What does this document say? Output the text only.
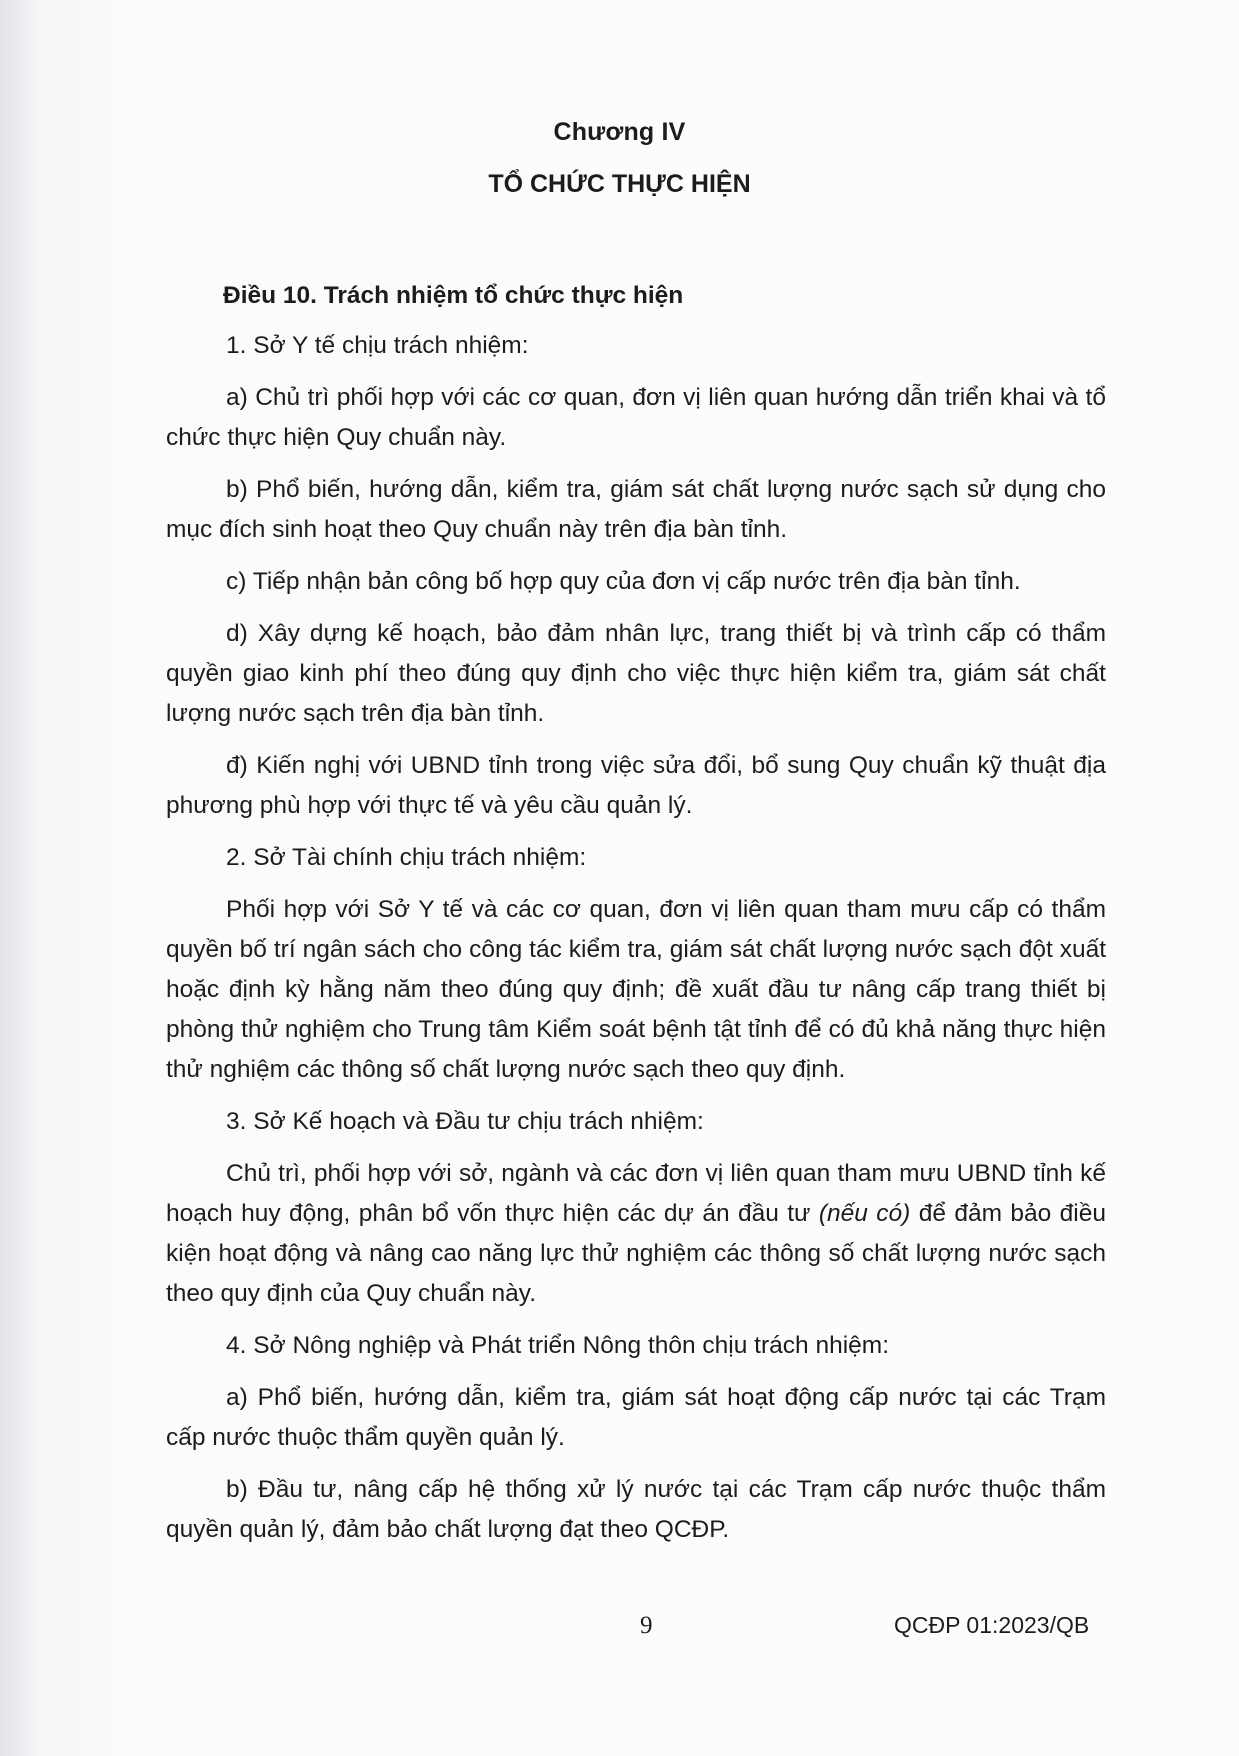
Chương IV
TỔ CHỨC THỰC HIỆN

Điều 10. Trách nhiệm tổ chức thực hiện

1. Sở Y tế chịu trách nhiệm:

a) Chủ trì phối hợp với các cơ quan, đơn vị liên quan hướng dẫn triển khai và tổ chức thực hiện Quy chuẩn này.

b) Phổ biến, hướng dẫn, kiểm tra, giám sát chất lượng nước sạch sử dụng cho mục đích sinh hoạt theo Quy chuẩn này trên địa bàn tỉnh.

c) Tiếp nhận bản công bố hợp quy của đơn vị cấp nước trên địa bàn tỉnh.

d) Xây dựng kế hoạch, bảo đảm nhân lực, trang thiết bị và trình cấp có thẩm quyền giao kinh phí theo đúng quy định cho việc thực hiện kiểm tra, giám sát chất lượng nước sạch trên địa bàn tỉnh.

đ) Kiến nghị với UBND tỉnh trong việc sửa đổi, bổ sung Quy chuẩn kỹ thuật địa phương phù hợp với thực tế và yêu cầu quản lý.

2. Sở Tài chính chịu trách nhiệm:

Phối hợp với Sở Y tế và các cơ quan, đơn vị liên quan tham mưu cấp có thẩm quyền bố trí ngân sách cho công tác kiểm tra, giám sát chất lượng nước sạch đột xuất hoặc định kỳ hằng năm theo đúng quy định; đề xuất đầu tư nâng cấp trang thiết bị phòng thử nghiệm cho Trung tâm Kiểm soát bệnh tật tỉnh để có đủ khả năng thực hiện thử nghiệm các thông số chất lượng nước sạch theo quy định.

3. Sở Kế hoạch và Đầu tư chịu trách nhiệm:

Chủ trì, phối hợp với sở, ngành và các đơn vị liên quan tham mưu UBND tỉnh kế hoạch huy động, phân bổ vốn thực hiện các dự án đầu tư (nếu có) để đảm bảo điều kiện hoạt động và nâng cao năng lực thử nghiệm các thông số chất lượng nước sạch theo quy định của Quy chuẩn này.

4. Sở Nông nghiệp và Phát triển Nông thôn chịu trách nhiệm:

a) Phổ biến, hướng dẫn, kiểm tra, giám sát hoạt động cấp nước tại các Trạm cấp nước thuộc thẩm quyền quản lý.

b) Đầu tư, nâng cấp hệ thống xử lý nước tại các Trạm cấp nước thuộc thẩm quyền quản lý, đảm bảo chất lượng đạt theo QCĐP.

9	QCĐP 01:2023/QB
